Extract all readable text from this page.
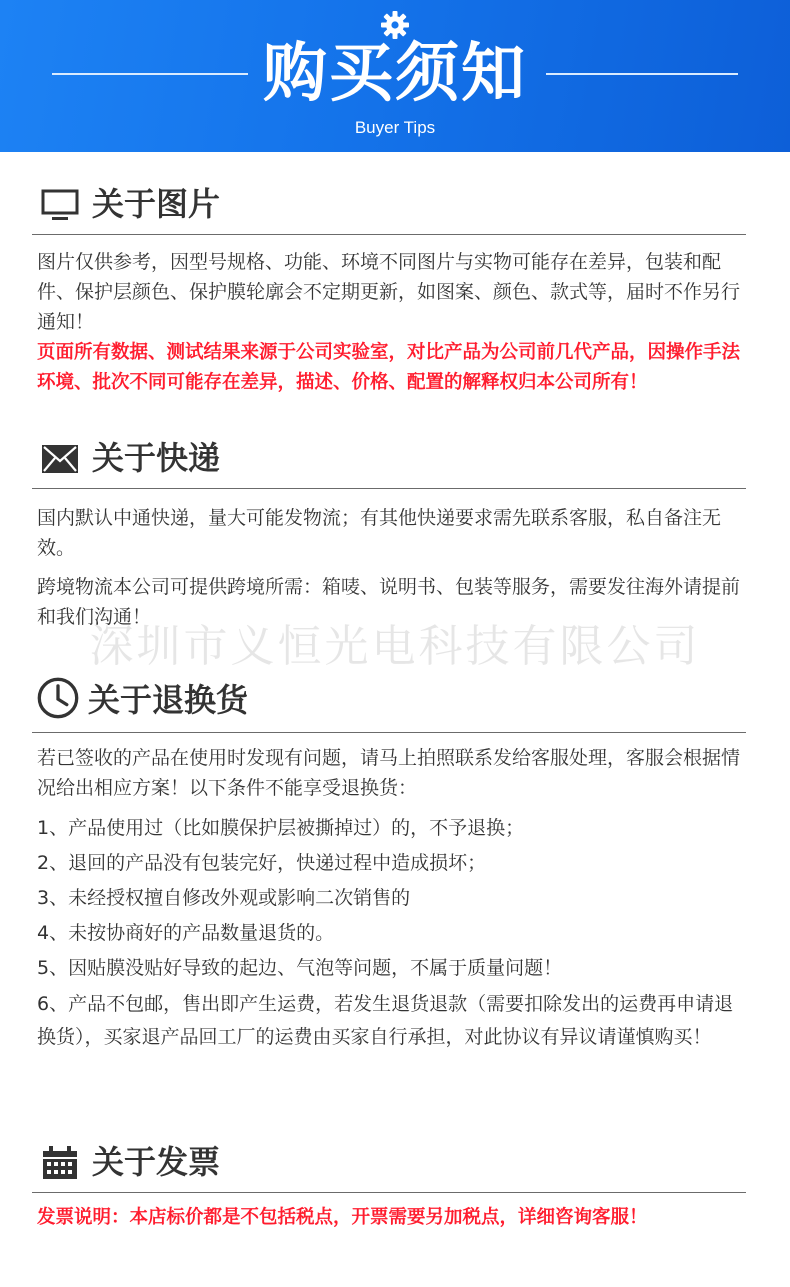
购买须知
Buyer Tips
关于图片
图片仅供参考，因型号规格、功能、环境不同图片与实物可能存在差异，包装和配件、保护层颜色、保护膜轮廓会不定期更新，如图案、颜色、款式等，届时不作另行通知！
页面所有数据、测试结果来源于公司实验室，对比产品为公司前几代产品，因操作手法环境、批次不同可能存在差异，描述、价格、配置的解释权归本公司所有！
关于快递
国内默认中通快递，量大可能发物流；有其他快递要求需先联系客服，私自备注无效。
跨境物流本公司可提供跨境所需：箱唛、说明书、包装等服务，需要发往海外请提前和我们沟通！
深圳市义恒光电科技有限公司
关于退换货
若已签收的产品在使用时发现有问题，请马上拍照联系发给客服处理，客服会根据情况给出相应方案！以下条件不能享受退换货：
1、产品使用过（比如膜保护层被撕掉过）的，不予退换；
2、退回的产品没有包装完好，快递过程中造成损坏；
3、未经授权擅自修改外观或影响二次销售的
4、未按协商好的产品数量退货的。
5、因贴膜没贴好导致的起边、气泡等问题，不属于质量问题！
6、产品不包邮，售出即产生运费，若发生退货退款（需要扣除发出的运费再申请退换货），买家退产品回工厂的运费由买家自行承担，对此协议有异议请谨慎购买！
关于发票
发票说明：本店标价都是不包括税点，开票需要另加税点，详细咨询客服！
